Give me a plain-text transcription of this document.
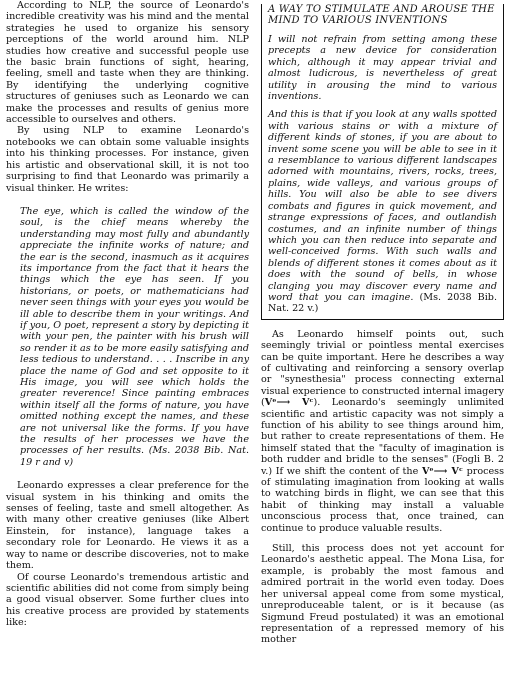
According to NLP, the source of Leonardo's incredible creativity was his mind and the mental strategies he used to organize his sensory perceptions of the world around him. NLP studies how creative and successful people use the basic brain functions of sight, hearing, feeling, smell and taste when they are thinking. By identifying the underlying cognitive structures of geniuses such as Leonardo we can make the processes and results of genius more accessible to ourselves and others.

By using NLP to examine Leonardo's notebooks we can obtain some valuable insights into his thinking processes. For instance, given his artistic and observational skill, it is not too surprising to find that Leonardo was primarily a visual thinker. He writes:

The eye, which is called the window of the soul, is the chief means whereby the understanding may most fully and abundantly appreciate the infinite works of nature; and the ear is the second, inasmuch as it acquires its importance from the fact that it hears the things which the eye has seen. If you historians, or poets, or mathematicians had never seen things with your eyes you would be ill able to describe them in your writings. And if you, O poet, represent a story by depicting it with your pen, the painter with his brush will so render it as to be more easily satisfying and less tedious to understand. . . . Inscribe in any place the name of God and set opposite to it His image, you will see which holds the greater reverence! Since painting embraces within itself all the forms of nature, you have omitted nothing except the names, and these are not universal like the forms. If you have the results of her processes we have the processes of her results. (Ms. 2038 Bib. Nat. 19 r and v)

Leonardo expresses a clear preference for the visual system in his thinking and omits the senses of feeling, taste and smell altogether. As with many other creative geniuses (like Albert Einstein, for instance), language takes a secondary role for Leonardo. He views it as a way to name or describe discoveries, not to make them.

Of course Leonardo's tremendous artistic and scientific abilities did not come from simply being a good visual observer. Some further clues into his creative process are provided by statements like:

A WAY TO STIMULATE AND AROUSE THE MIND TO VARIOUS INVENTIONS

I will not refrain from setting among these precepts a new device for consideration which, although it may appear trivial and almost ludicrous, is nevertheless of great utility in arousing the mind to various inventions.

And this is that if you look at any walls spotted with various stains or with a mixture of different kinds of stones, if you are about to invent some scene you will be able to see in it a resemblance to various different landscapes adorned with mountains, rivers, rocks, trees, plains, wide valleys, and various groups of hills. You will also be able to see divers combats and figures in quick movement, and strange expressions of faces, and outlandish costumes, and an infinite number of things which you can then reduce into separate and well-conceived forms. With such walls and blends of different stones it comes about as it does with the sound of bells, in whose clanging you may discover every name and word that you can imagine. (Ms. 2038 Bib. Nat. 22 v.)

As Leonardo himself points out, such seemingly trivial or pointless mental exercises can be quite important. Here he describes a way of cultivating and reinforcing a sensory overlap or "synesthesia" process connecting external visual experience to constructed internal imagery (Vᵉ⟶ Vᶜ). Leonardo's seemingly unlimited scientific and artistic capacity was not simply a function of his ability to see things around him, but rather to create representations of them. He himself stated that the "faculty of imagination is both rudder and bridle to the senses" (Fogli B. 2 v.) If we shift the content of the Vᵉ⟶ Vᶜ process of stimulating imagination from looking at walls to watching birds in flight, we can see that this habit of thinking may install a valuable unconscious process that, once trained, can continue to produce valuable results.

Still, this process does not yet account for Leonardo's aesthetic appeal. The Mona Lisa, for example, is probably the most famous and admired portrait in the world even today. Does her universal appeal come from some mystical, unreproduceable talent, or is it because (as Sigmund Freud postulated) it was an emotional representation of a repressed memory of his mother
